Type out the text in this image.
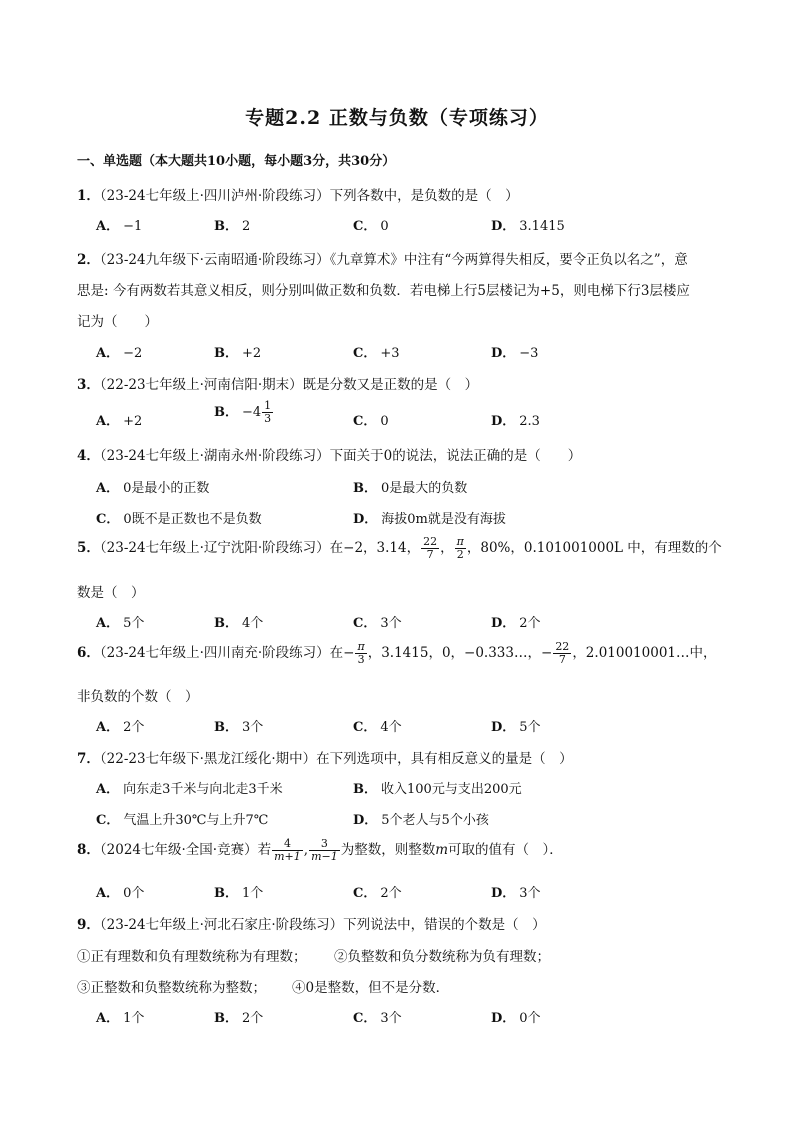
专题2.2 正数与负数（专项练习）
一、单选题（本大题共10小题，每小题3分，共30分）
1．（23-24七年级上·四川泸州·阶段练习）下列各数中，是负数的是（　）
A． −1	B． 2	C． 0	D． 3.1415
2．（23-24九年级下·云南昭通·阶段练习）《九章算术》中注有“今两算得失相反，要令正负以名之”，意
思是: 今有两数若其意义相反，则分别叫做正数和负数．若电梯上行5层楼记为+5，则电梯下行3层楼应
记为（　　）
A． −2	B． +2	C． +3	D． −3
3．（22-23七年级上·河南信阳·期末）既是分数又是正数的是（　）
A． +2
B． $-4 \frac{1}{3}$	C． 0	D． 2.3
4．（23-24七年级上·湖南永州·阶段练习）下面关于0的说法，说法正确的是（　　）
A． 0是最小的正数	B． 0是最大的负数
C． 0既不是正数也不是负数	D． 海拔0m就是没有海拔
5．（23-24七年级上·辽宁沈阳·阶段练习）在−2，3.14， $\frac{22}{7}$ ， $\frac{\pi}{2}$ ，80%，0.101001000L 中，有理数的个
数是（　）
A． 5个	B． 4个	C． 3个	D． 2个
6．（23-24七年级上·四川南充·阶段练习）在− $\frac{\pi}{3}$ ，3.1415，0，−0.333…，− $\frac{22}{7}$ ，2.010010001…中，
非负数的个数（　）
A． 2个	B． 3个	C． 4个	D． 5个
7．（22-23七年级下·黑龙江绥化·期中）在下列选项中，具有相反意义的量是（　）
A． 向东走3千米与向北走3千米	B． 收入100元与支出200元
C． 气温上升30℃与上升7℃	D． 5个老人与5个小孩
8．（2024七年级·全国·竞赛）若 $\frac{4}{m+1}$ , $\frac{3}{m-1}$ 为整数，则整数m可取的值有（　）．
A． 0个	B． 1个	C． 2个	D． 3个
9．（23-24七年级上·河北石家庄·阶段练习）下列说法中，错误的个数是（　）
①正有理数和负有理数统称为有理数； ②负整数和负分数统称为负有理数；
③正整数和负整数统称为整数； ④0是整数，但不是分数．
A． 1个	B． 2个	C． 3个	D． 0个
